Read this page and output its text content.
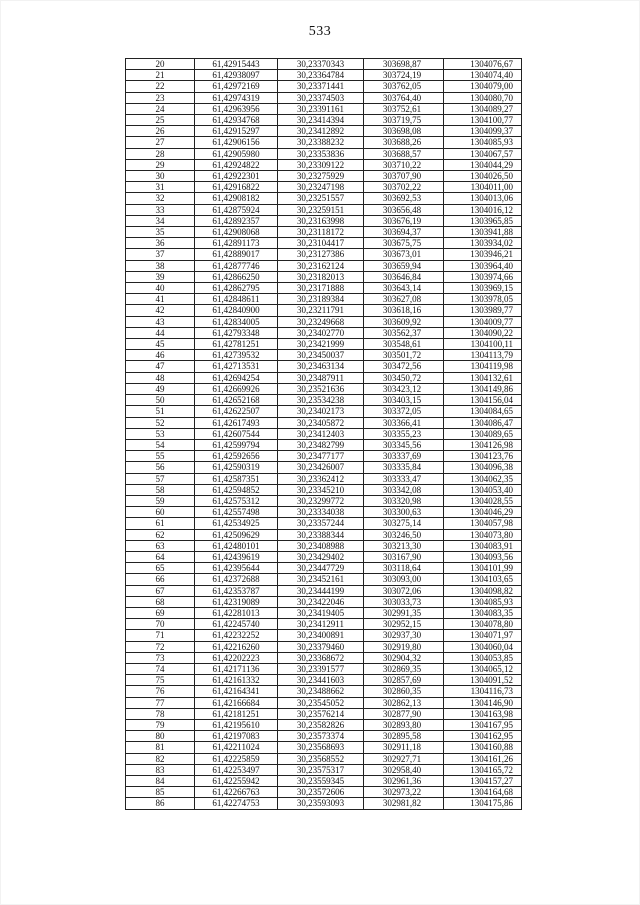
533
20	61,42915443	30,23370343	303698,87	1304076,67
21	61,42938097	30,23364784	303724,19	1304074,40
22	61,42972169	30,23371441	303762,05	1304079,00
23	61,42974319	30,23374503	303764,40	1304080,70
24	61,42963956	30,23391161	303752,61	1304089,27
25	61,42934768	30,23414394	303719,75	1304100,77
26	61,42915297	30,23412892	303698,08	1304099,37
27	61,42906156	30,23388232	303688,26	1304085,93
28	61,42905980	30,23353836	303688,57	1304067,57
29	61,42924822	30,23309122	303710,22	1304044,29
30	61,42922301	30,23275929	303707,90	1304026,50
31	61,42916822	30,23247198	303702,22	1304011,00
32	61,42908182	30,23251557	303692,53	1304013,06
33	61,42875924	30,23259151	303656,48	1304016,12
34	61,42892357	30,23163998	303676,19	1303965,85
35	61,42908068	30,23118172	303694,37	1303941,88
36	61,42891173	30,23104417	303675,75	1303934,02
37	61,42889017	30,23127386	303673,01	1303946,21
38	61,42877746	30,23162124	303659,94	1303964,40
39	61,42866250	30,23182013	303646,84	1303974,66
40	61,42862795	30,23171888	303643,14	1303969,15
41	61,42848611	30,23189384	303627,08	1303978,05
42	61,42840900	30,23211791	303618,16	1303989,77
43	61,42834005	30,23249668	303609,92	1304009,77
44	61,42793348	30,23402770	303562,37	1304090,22
45	61,42781251	30,23421999	303548,61	1304100,11
46	61,42739532	30,23450037	303501,72	1304113,79
47	61,42713531	30,23463134	303472,56	1304119,98
48	61,42694254	30,23487911	303450,72	1304132,61
49	61,42669926	30,23521636	303423,12	1304149,86
50	61,42652168	30,23534238	303403,15	1304156,04
51	61,42622507	30,23402173	303372,05	1304084,65
52	61,42617493	30,23405872	303366,41	1304086,47
53	61,42607544	30,23412403	303355,23	1304089,65
54	61,42599794	30,23482799	303345,56	1304126,98
55	61,42592656	30,23477177	303337,69	1304123,76
56	61,42590319	30,23426007	303335,84	1304096,38
57	61,42587351	30,23362412	303333,47	1304062,35
58	61,42594852	30,23345210	303342,08	1304053,40
59	61,42575312	30,23299772	303320,98	1304028,55
60	61,42557498	30,23334038	303300,63	1304046,29
61	61,42534925	30,23357244	303275,14	1304057,98
62	61,42509629	30,23388344	303246,50	1304073,80
63	61,42480101	30,23408988	303213,30	1304083,91
64	61,42439619	30,23429402	303167,90	1304093,56
65	61,42395644	30,23447729	303118,64	1304101,99
66	61,42372688	30,23452161	303093,00	1304103,65
67	61,42353787	30,23444199	303072,06	1304098,82
68	61,42319089	30,23422046	303033,73	1304085,93
69	61,42281013	30,23419405	302991,35	1304083,35
70	61,42245740	30,23412911	302952,15	1304078,80
71	61,42232252	30,23400891	302937,30	1304071,97
72	61,42216260	30,23379460	302919,80	1304060,04
73	61,42202223	30,23368672	302904,32	1304053,85
74	61,42171136	30,23391577	302869,35	1304065,12
75	61,42161332	30,23441603	302857,69	1304091,52
76	61,42164341	30,23488662	302860,35	1304116,73
77	61,42166684	30,23545052	302862,13	1304146,90
78	61,42181251	30,23576214	302877,90	1304163,98
79	61,42195610	30,23582826	302893,80	1304167,95
80	61,42197083	30,23573374	302895,58	1304162,95
81	61,42211024	30,23568693	302911,18	1304160,88
82	61,42225859	30,23568552	302927,71	1304161,26
83	61,42253497	30,23575317	302958,40	1304165,72
84	61,42255942	30,23559345	302961,36	1304157,27
85	61,42266763	30,23572606	302973,22	1304164,68
86	61,42274753	30,23593093	302981,82	1304175,86
